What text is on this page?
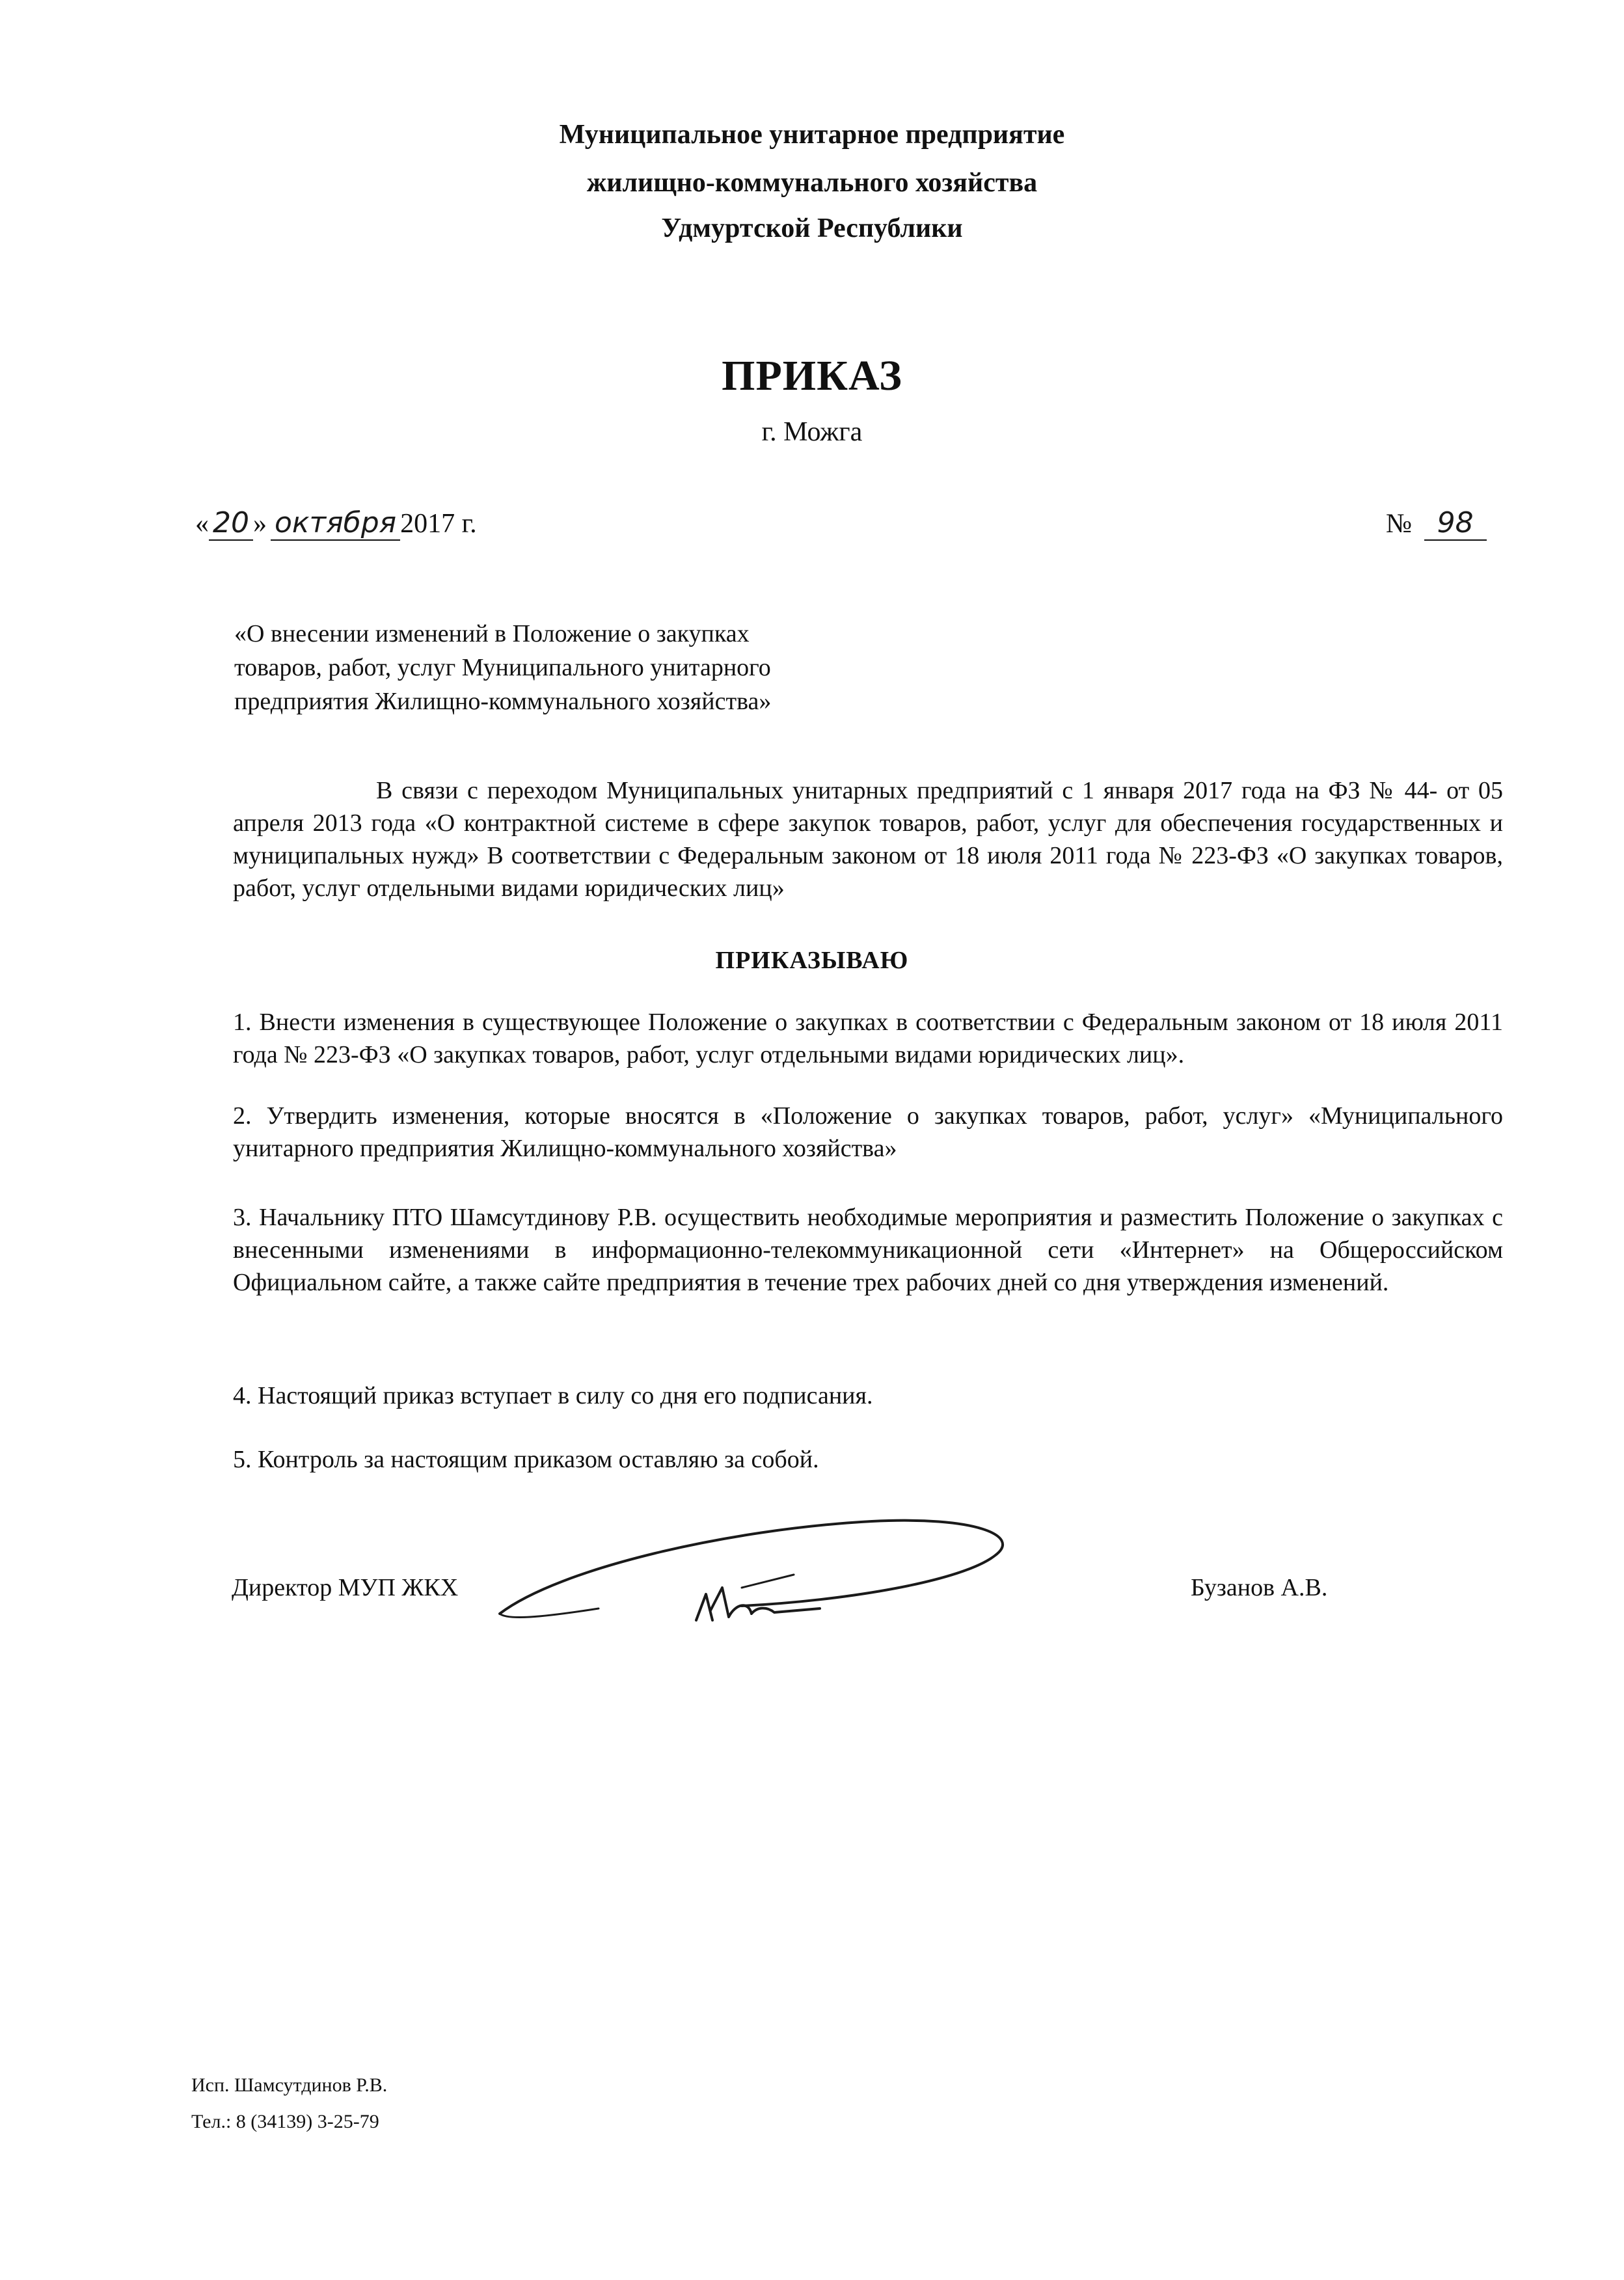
Муниципальное унитарное предприятие
жилищно-коммунального хозяйства
Удмуртской Республики
ПРИКАЗ
г. Можга
« 20 » октября 2017 г.	№ 98
«О внесении изменений в Положение о закупках
товаров, работ, услуг Муниципального унитарного
предприятия Жилищно-коммунального хозяйства»
В связи с переходом Муниципальных унитарных предприятий с 1 января 2017 года на ФЗ № 44- от 05 апреля 2013 года «О контрактной системе в сфере закупок товаров, работ, услуг для обеспечения государственных и муниципальных нужд» В соответствии с Федеральным законом от 18 июля 2011 года № 223-ФЗ «О закупках товаров, работ, услуг отдельными видами юридических лиц»
ПРИКАЗЫВАЮ
1. Внести изменения в существующее Положение о закупках в соответствии с Федеральным законом от 18 июля 2011 года № 223-ФЗ «О закупках товаров, работ, услуг отдельными видами юридических лиц».
2. Утвердить изменения, которые вносятся в «Положение о закупках товаров, работ, услуг» «Муниципального унитарного предприятия Жилищно-коммунального хозяйства»
3. Начальнику ПТО Шамсутдинову Р.В. осуществить необходимые мероприятия и разместить Положение о закупках с внесенными изменениями в информационно-телекоммуникационной сети «Интернет» на Общероссийском Официальном сайте, а также сайте предприятия в течение трех рабочих дней со дня утверждения изменений.
4. Настоящий приказ вступает в силу со дня его подписания.
5. Контроль за настоящим приказом оставляю за собой.
Директор МУП ЖКХ	Бузанов А.В.
Исп. Шамсутдинов Р.В.
Тел.: 8 (34139) 3-25-79
